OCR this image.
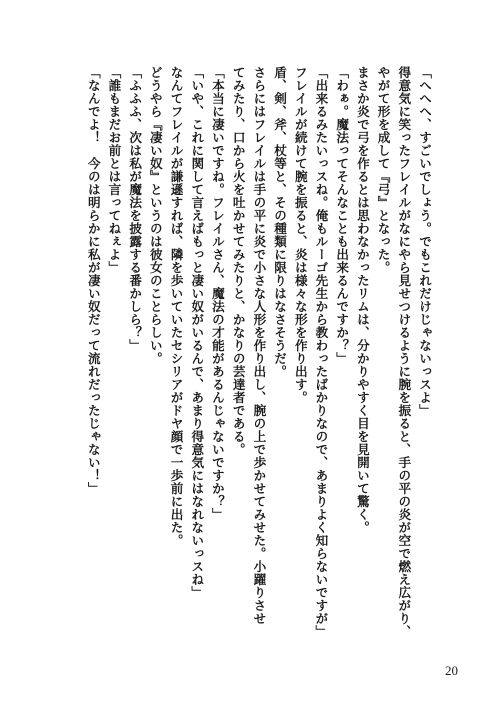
「へへへ、すごいでしょう。でもこれだけじゃないっスよ」
得意気に笑ったフレイルがなにやら見せつけるように腕を振ると、手の平の炎が空で燃え広がり、
やがて形を成して『弓』となった。
まさか炎で弓を作るとは思わなかったリムは、分かりやすく目を見開いて驚く。
「わぁ。魔法ってそんなことも出来るんですか？」
「出来るみたいっスね。俺もルーゴ先生から教わったばかりなので、あまりよく知らないですが」
フレイルが続けて腕を振ると、炎は様々な形を作り出す。
盾、剣、斧、杖等と、その種類に限りはなさそうだ。
さらにはフレイルは手の平に炎で小さな人形を作り出し、腕の上で歩かせてみせた。小躍りさせ
てみたり、口から火を吐かせてみたりと、かなりの芸達者である。
「本当に凄いですね。フレイルさん、魔法の才能があるんじゃないですか？」
「いや、これに関して言えばもっと凄い奴がいるんで、あまり得意気にはなれないっスね」
なんてフレイルが謙遜すれば、隣を歩いていたセシリアがドヤ顔で一歩前に出た。
どうやら『凄い奴』というのは彼女のことらしい。
「ふふふ、次は私が魔法を披露する番かしら？」
「誰もまだお前とは言ってねぇよ」
「なんでよ！　今のは明らかに私が凄い奴だって流れだったじゃない！」
20
